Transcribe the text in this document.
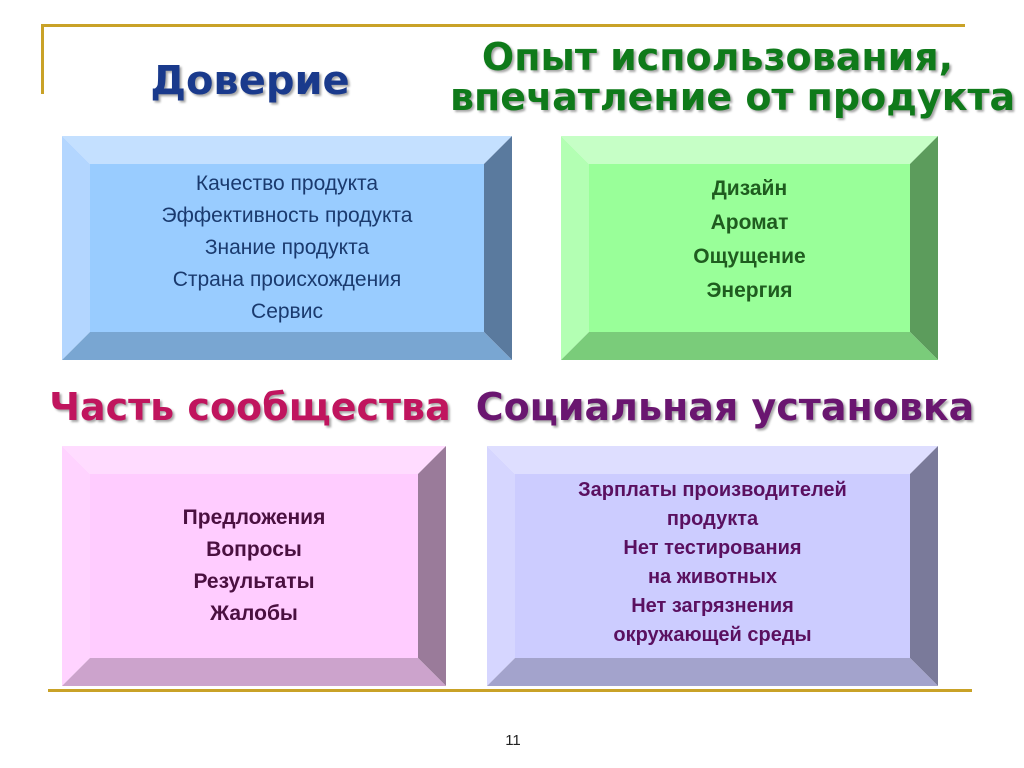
Доверие
Опыт использования,
впечатление от продукта
Часть сообщества Социальная установка
Качество продукта
Эффективность продукта
Знание продукта
Страна происхождения
Сервис
Дизайн
Аромат
Ощущение
Энергия
Предложения
Вопросы
Результаты
Жалобы
Зарплаты производителей
продукта
Нет тестирования
на животных
Нет загрязнения
окружающей среды
11
